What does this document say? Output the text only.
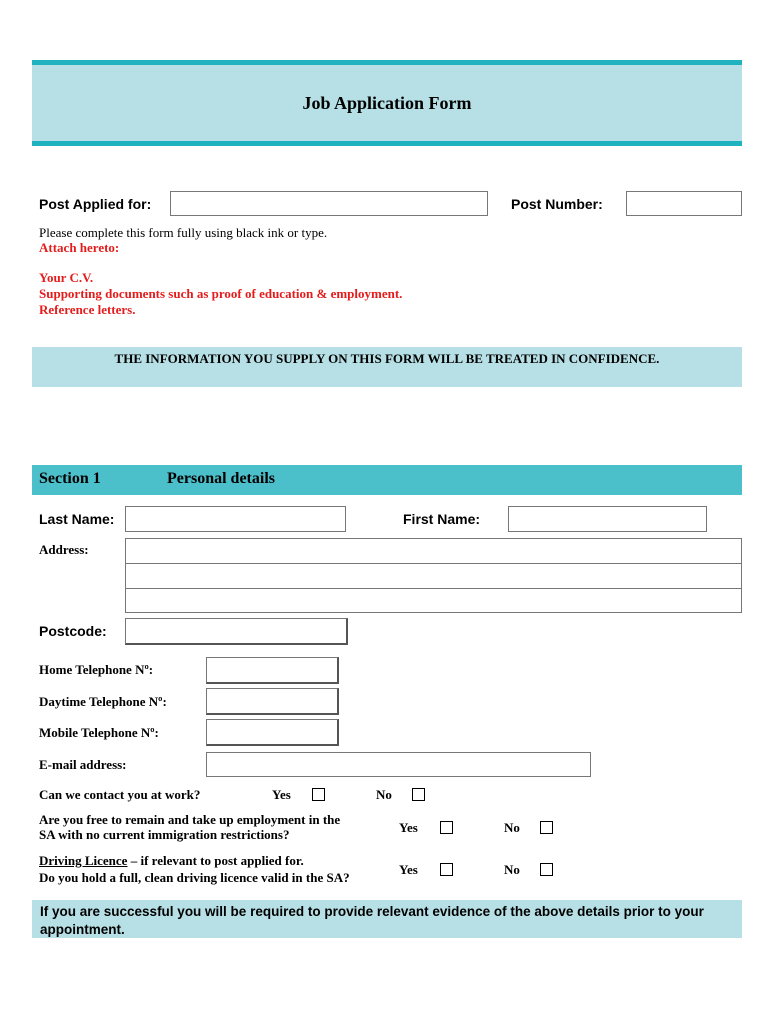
Job Application Form
Post Applied for:	Post Number:
Please complete this form fully using black ink or type.
Attach hereto:
Your C.V.
Supporting documents such as proof of education & employment.
Reference letters.
THE INFORMATION YOU SUPPLY ON THIS FORM WILL BE TREATED IN CONFIDENCE.
Section 1	Personal details
Last Name:	First Name:
Address:
Postcode:
Home Telephone Nº:
Daytime Telephone Nº:
Mobile Telephone Nº:
E-mail address:
Can we contact you at work?	Yes	No
Are you free to remain and take up employment in the
SA with no current immigration restrictions?	Yes	No
Driving Licence – if relevant to post applied for.
Do you hold a full, clean driving licence valid in the SA?
Yes	No
If you are successful you will be required to provide relevant evidence of the above details prior to your appointment.
